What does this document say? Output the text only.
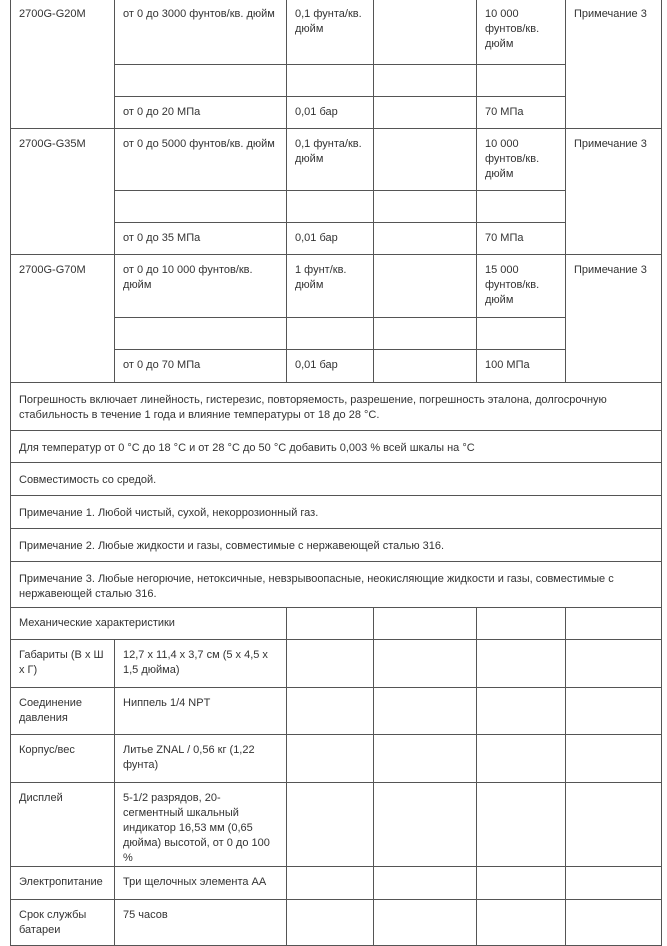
2700G-G20M	от 0 до 3000 фунтов/кв. дюйм	0,1 фунта/кв. дюйм		10 000 фунтов/кв. дюйм	Примечание 3

	от 0 до 20 МПа	0,01 бар		70 МПа	
2700G-G35M	от 0 до 5000 фунтов/кв. дюйм	0,1 фунта/кв. дюйм		10 000 фунтов/кв. дюйм	Примечание 3

	от 0 до 35 МПа	0,01 бар		70 МПа	
2700G-G70M	от 0 до 10 000 фунтов/кв. дюйм	1 фунт/кв. дюйм		15 000 фунтов/кв. дюйм	Примечание 3

	от 0 до 70 МПа	0,01 бар		100 МПа	
Погрешность включает линейность, гистерезис, повторяемость, разрешение, погрешность эталона, долгосрочную стабильность в течение 1 года и влияние температуры от 18 до 28 °C.					
Для температур от 0 °C до 18 °C и от 28 °C до 50 °C добавить 0,003 % всей шкалы на °C					
Совместимость со средой.					
Примечание 1. Любой чистый, сухой, некоррозионный газ.					
Примечание 2. Любые жидкости и газы, совместимые с нержавеющей сталью 316.					
Примечание 3. Любые негорючие, нетоксичные, невзрывоопасные, неокисляющие жидкости и газы, совместимые с нержавеющей сталью 316.					
Механические характеристики					
Габариты (В x Ш x Г)	12,7 x 11,4 x 3,7 см (5 x 4,5 x 1,5 дюйма)				
Соединение давления	Ниппель 1/4 NPT				
Корпус/вес	Литье ZNAL / 0,56 кг (1,22 фунта)				
Дисплей	5-1/2 разрядов, 20-сегментный шкальный индикатор 16,53 мм (0,65 дюйма) высотой, от 0 до 100 %				
Электропитание	Три щелочных элемента AA				
Срок службы батареи	75 часов				
